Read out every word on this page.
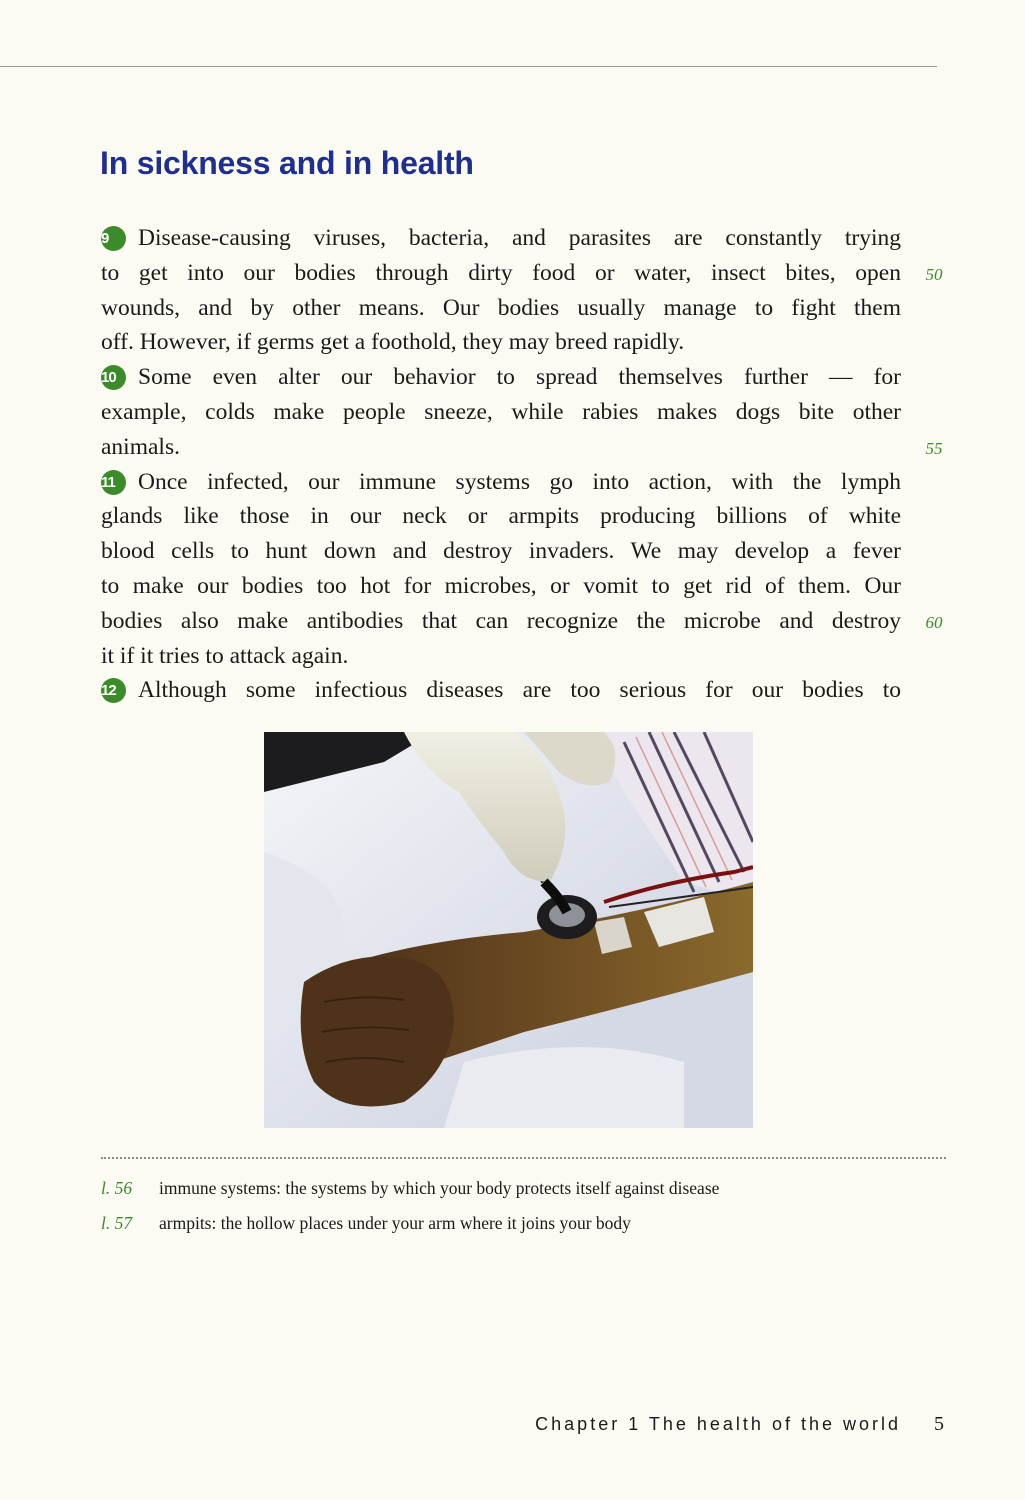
In sickness and in health
9 Disease-causing viruses, bacteria, and parasites are constantly trying
to get into our bodies through dirty food or water, insect bites, open
wounds, and by other means. Our bodies usually manage to fight them
off. However, if germs get a foothold, they may breed rapidly.
10 Some even alter our behavior to spread themselves further — for
example, colds make people sneeze, while rabies makes dogs bite other
animals.
11 Once infected, our immune systems go into action, with the lymph
glands like those in our neck or armpits producing billions of white
blood cells to hunt down and destroy invaders. We may develop a fever
to make our bodies too hot for microbes, or vomit to get rid of them. Our
bodies also make antibodies that can recognize the microbe and destroy
it if it tries to attack again.
12 Although some infectious diseases are too serious for our bodies to
50
55
60
l. 56 immune systems: the systems by which your body protects itself against disease
l. 57 armpits: the hollow places under your arm where it joins your body
Chapter 1 The health of the world 5
